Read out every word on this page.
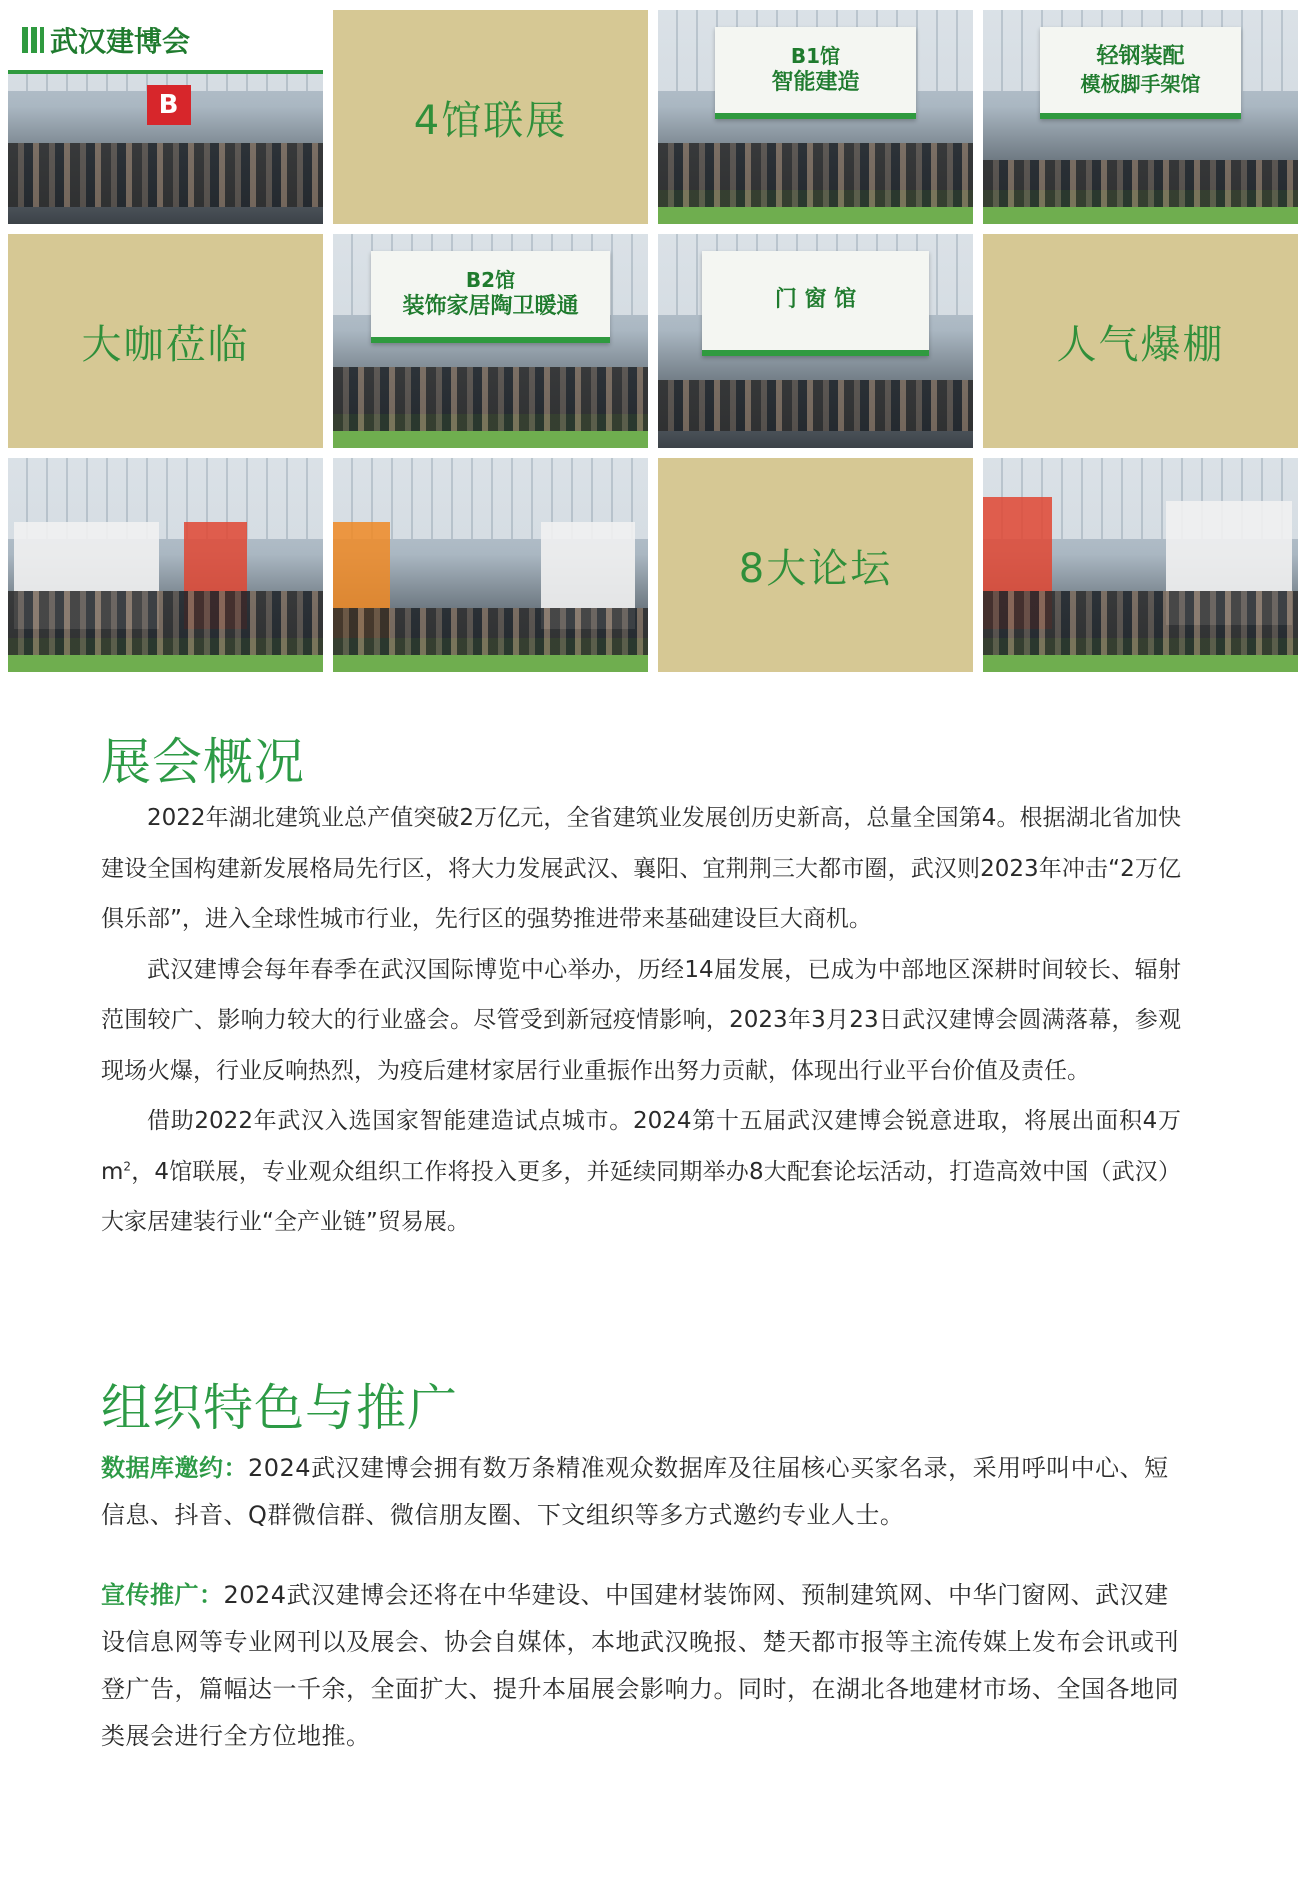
武汉建博会
B	4馆联展
B1馆
智能建造
轻钢装配
模板脚手架馆
大咖莅临
B2馆
装饰家居陶卫暖通	门 窗 馆
人气爆棚
8大论坛
展会概况

2022年湖北建筑业总产值突破2万亿元，全省建筑业发展创历史新高，总量全国第4。根据湖北省加快建设全国构建新发展格局先行区，将大力发展武汉、襄阳、宜荆荆三大都市圈，武汉则2023年冲击“2万亿俱乐部”，进入全球性城市行业，先行区的强势推进带来基础建设巨大商机。

武汉建博会每年春季在武汉国际博览中心举办，历经14届发展，已成为中部地区深耕时间较长、辐射范围较广、影响力较大的行业盛会。尽管受到新冠疫情影响，2023年3月23日武汉建博会圆满落幕，参观现场火爆，行业反响热烈，为疫后建材家居行业重振作出努力贡献，体现出行业平台价值及责任。

借助2022年武汉入选国家智能建造试点城市。2024第十五届武汉建博会锐意进取，将展出面积4万$m^2$，4馆联展，专业观众组织工作将投入更多，并延续同期举办8大配套论坛活动，打造高效中国（武汉）大家居建装行业“全产业链”贸易展。

组织特色与推广
数据库邀约：2024武汉建博会拥有数万条精准观众数据库及往届核心买家名录，采用呼叫中心、短信息、抖音、Q群微信群、微信朋友圈、下文组织等多方式邀约专业人士。
宣传推广：2024武汉建博会还将在中华建设、中国建材装饰网、预制建筑网、中华门窗网、武汉建设信息网等专业网刊以及展会、协会自媒体，本地武汉晚报、楚天都市报等主流传媒上发布会讯或刊登广告，篇幅达一千余，全面扩大、提升本届展会影响力。同时，在湖北各地建材市场、全国各地同类展会进行全方位地推。
